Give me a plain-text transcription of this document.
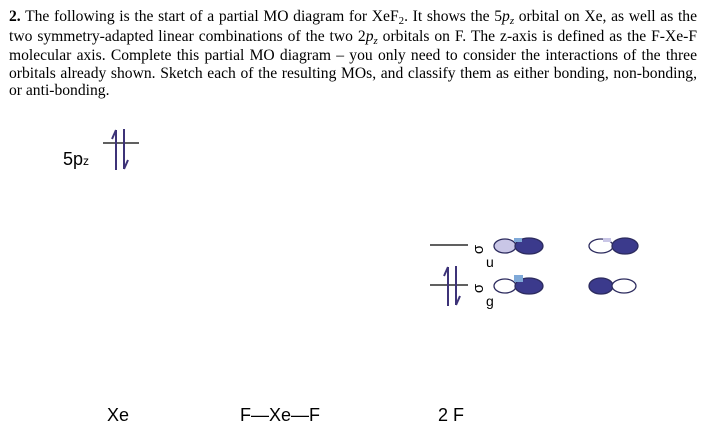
2. The following is the start of a partial MO diagram for XeF$_2$. It shows the $5p_z$ orbital on Xe, as well as the two symmetry-adapted linear combinations of the two $2p_z$ orbitals on F. The z-axis is defined as the F-Xe-F molecular axis. Complete this partial MO diagram – you only need to consider the interactions of the three orbitals already shown. Sketch each of the resulting MOs, and classify them as either bonding, non-bonding, or anti-bonding.

5pz
σ
u
σ
g
Xe	F—Xe—F	2 F
